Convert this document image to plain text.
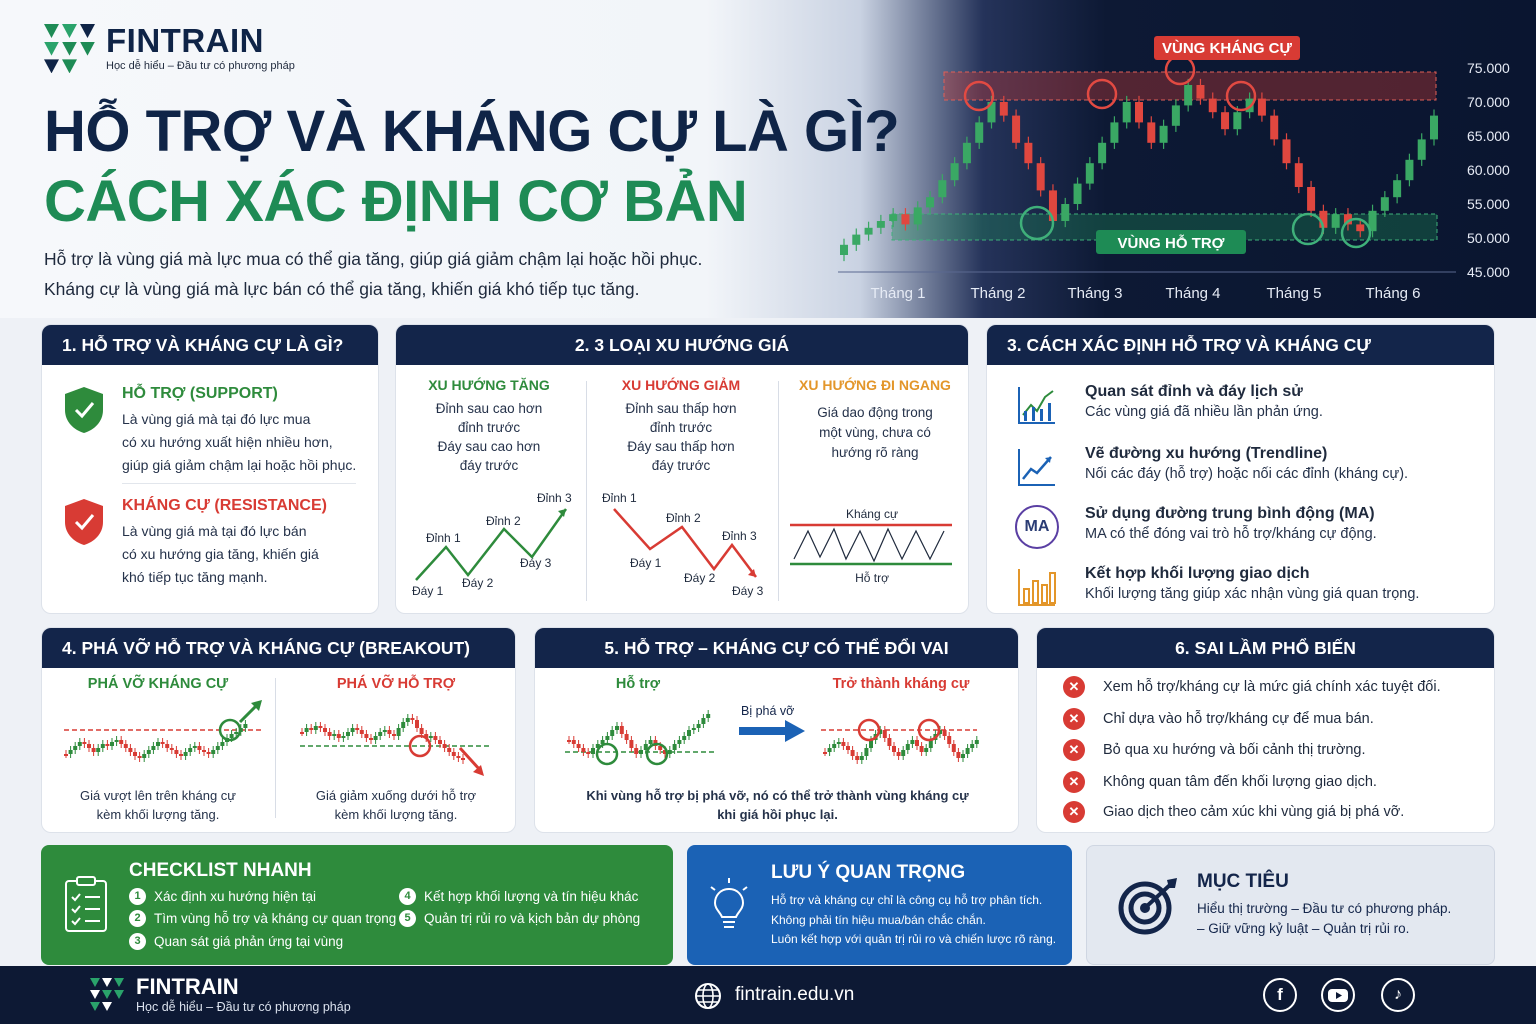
FINTRAIN
Học dễ hiểu – Đầu tư có phương pháp
HỖ TRỢ VÀ KHÁNG CỰ LÀ GÌ?
CÁCH XÁC ĐỊNH CƠ BẢN
Hỗ trợ là vùng giá mà lực mua có thể gia tăng, giúp giá giảm chậm lại hoặc hồi phục.
Kháng cự là vùng giá mà lực bán có thể gia tăng, khiến giá khó tiếp tục tăng.
VÙNG KHÁNG CỰ
VÙNG HỖ TRỢ
75.000
70.000
65.000
60.000
55.000
50.000
45.000
Tháng 1	Tháng 2	Tháng 3	Tháng 4	Tháng 5	Tháng 6
1. HỖ TRỢ VÀ KHÁNG CỰ LÀ GÌ?
HỖ TRỢ (SUPPORT)
Là vùng giá mà tại đó lực mua
có xu hướng xuất hiện nhiều hơn,
giúp giá giảm chậm lại hoặc hồi phục.
KHÁNG CỰ (RESISTANCE)
Là vùng giá mà tại đó lực bán
có xu hướng gia tăng, khiến giá
khó tiếp tục tăng mạnh.
2. 3 LOẠI XU HƯỚNG GIÁ
XU HƯỚNG TĂNG
Đỉnh sau cao hơn
đỉnh trước
Đáy sau cao hơn
đáy trước
XU HƯỚNG GIẢM
Đỉnh sau thấp hơn
đỉnh trước
Đáy sau thấp hơn
đáy trước
XU HƯỚNG ĐI NGANG
Giá dao động trong
một vùng, chưa có
hướng rõ ràng
Đỉnh 1
Đỉnh 2
Đỉnh 3
Đáy 1
Đáy 2
Đáy 3
Đỉnh 1
Đỉnh 2
Đỉnh 3
Đáy 1
Đáy 2
Đáy 3
Kháng cự
Hỗ trợ
3. CÁCH XÁC ĐỊNH HỖ TRỢ VÀ KHÁNG CỰ
Quan sát đỉnh và đáy lịch sử
Các vùng giá đã nhiều lần phản ứng.
Vẽ đường xu hướng (Trendline)
Nối các đáy (hỗ trợ) hoặc nối các đỉnh (kháng cự).
MA
Sử dụng đường trung bình động (MA)
MA có thể đóng vai trò hỗ trợ/kháng cự động.
Kết hợp khối lượng giao dịch
Khối lượng tăng giúp xác nhận vùng giá quan trọng.
4. PHÁ VỠ HỖ TRỢ VÀ KHÁNG CỰ (BREAKOUT)
PHÁ VỠ KHÁNG CỰ	PHÁ VỠ HỖ TRỢ
Giá vượt lên trên kháng cự
kèm khối lượng tăng.
Giá giảm xuống dưới hỗ trợ
kèm khối lượng tăng.
5. HỖ TRỢ – KHÁNG CỰ CÓ THỂ ĐỔI VAI
Hỗ trợ	Trở thành kháng cự
Bị phá vỡ
Khi vùng hỗ trợ bị phá vỡ, nó có thể trở thành vùng kháng cự
khi giá hồi phục lại.
6. SAI LẦM PHỔ BIẾN
✕	Xem hỗ trợ/kháng cự là mức giá chính xác tuyệt đối.
✕	Chỉ dựa vào hỗ trợ/kháng cự để mua bán.
✕	Bỏ qua xu hướng và bối cảnh thị trường.
✕	Không quan tâm đến khối lượng giao dịch.
✕	Giao dịch theo cảm xúc khi vùng giá bị phá vỡ.
CHECKLIST NHANH
1 Xác định xu hướng hiện tại
2 Tìm vùng hỗ trợ và kháng cự quan trọng
3 Quan sát giá phản ứng tại vùng
4 Kết hợp khối lượng và tín hiệu khác
5 Quản trị rủi ro và kịch bản dự phòng
LƯU Ý QUAN TRỌNG
Hỗ trợ và kháng cự chỉ là công cụ hỗ trợ phân tích.
Không phải tín hiệu mua/bán chắc chắn.
Luôn kết hợp với quản trị rủi ro và chiến lược rõ ràng.
MỤC TIÊU
Hiểu thị trường – Đầu tư có phương pháp.
– Giữ vững kỷ luật – Quản trị rủi ro.
FINTRAIN
Học dễ hiểu – Đầu tư có phương pháp
fintrain.edu.vn	f	♪
